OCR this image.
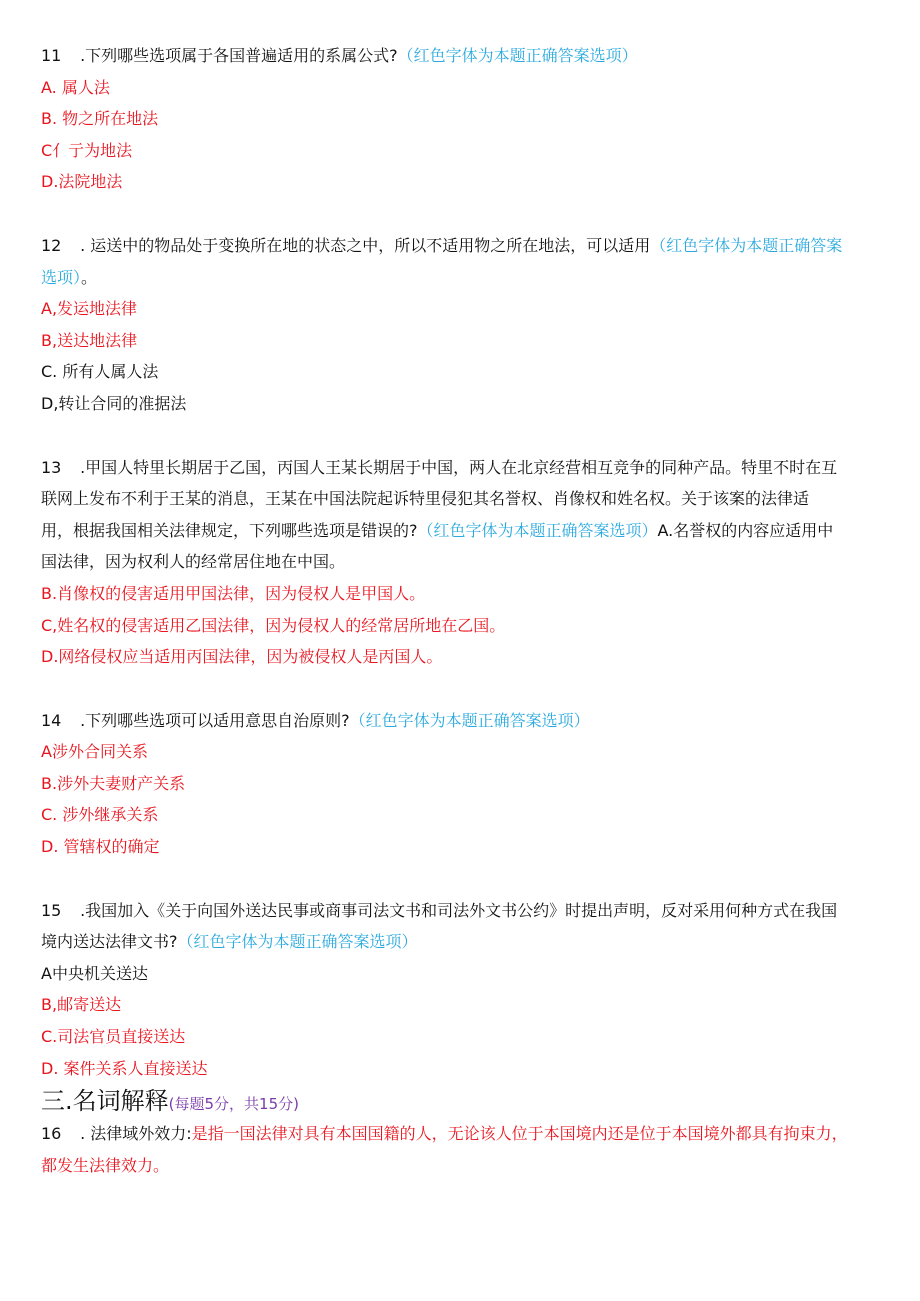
11 .下列哪些选项属于各国普遍适用的系属公式?（红色字体为本题正确答案选项）
A. 属人法
B. 物之所在地法
C亻亍为地法
D.法院地法
12 . 运送中的物品处于变换所在地的状态之中，所以不适用物之所在地法，可以适用（红色字体为本题正确答案
选项）。
A,发运地法律
B,送达地法律
C. 所有人属人法
D,转让合同的准据法
13 .甲国人特里长期居于乙国，丙国人王某长期居于中国，两人在北京经营相互竞争的同种产品。特里不时在互
联网上发布不利于王某的消息，王某在中国法院起诉特里侵犯其名誉权、肖像权和姓名权。关于该案的法律适
用，根据我国相关法律规定，下列哪些选项是错误的?（红色字体为本题正确答案选项）A.名誉权的内容应适用中
国法律，因为权利人的经常居住地在中国。
B.肖像权的侵害适用甲国法律，因为侵权人是甲国人。
C,姓名权的侵害适用乙国法律，因为侵权人的经常居所地在乙国。
D.网络侵权应当适用丙国法律，因为被侵权人是丙国人。
14 .下列哪些选项可以适用意思自治原则?（红色字体为本题正确答案选项）
A涉外合同关系
B.涉外夫妻财产关系
C. 涉外继承关系
D. 管辖权的确定
15 .我国加入《关于向国外送达民事或商事司法文书和司法外文书公约》时提出声明，反对采用何种方式在我国
境内送达法律文书?（红色字体为本题正确答案选项）
A中央机关送达
B,邮寄送达
C.司法官员直接送达
D. 案件关系人直接送达
三.名词解释(每题5分，共15分)
16 . 法律域外效力:是指一国法律对具有本国国籍的人，无论该人位于本国境内还是位于本国境外都具有拘束力，
都发生法律效力。
